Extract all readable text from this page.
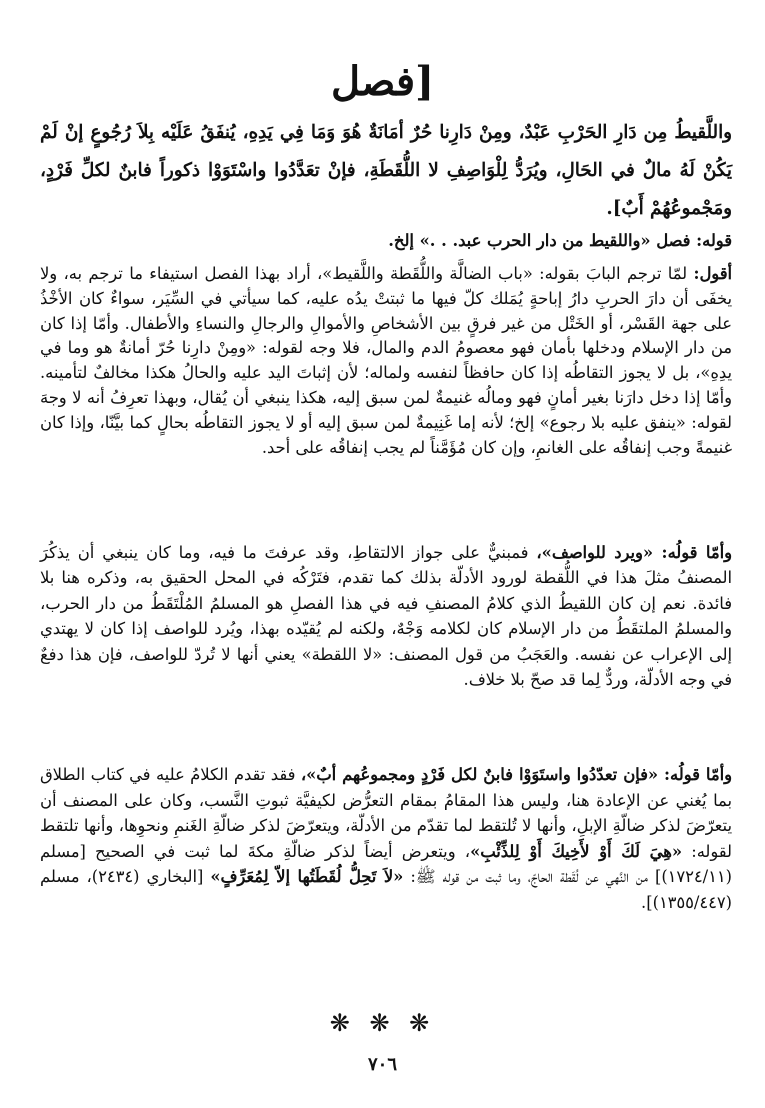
[فصل

واللَّقيطُ مِن دَارِ الحَرْبِ عَبْدٌ، ومِنْ دَارِنا حُرٌ أمَانَةٌ هُوَ وَمَا فِي يَدِهِ، يُنفَقُ عَلَيْه بِلاَ رُجُوعٍ إنْ لَمْ يَكُنْ لَهُ مالٌ في الحَالِ، ويُرَدُّ لِلْوَاصِفِ لا اللُّقَطَةِ، فإنْ تعَدَّدُوا واسْتَوَوْا ذكوراً فابنٌ لكلِّ فَرْدٍ، ومَجْموعُهُمْ أَبٌ].

قوله: فصل «واللقيط من دار الحرب عبد. . .» إلخ.

أقول: لمّا ترجم البابَ بقوله: «باب الضالَّة واللُّقَطة واللَّقيط»، أراد بهذا الفصل استيفاء ما ترجم به، ولا يخفَى أن دارَ الحربِ دارُ إباحةٍ يُمَلك كلّ فيها ما ثبتتْ يدُه عليه، كما سيأتي في السِّيَر، سواءٌ كان الأخْذُ على جهة القَسْر، أو الخَتْل من غير فرقٍ بين الأشخاصِ والأموالِ والرجالِ والنساءِ والأطفال. وأمّا إذا كان من دار الإسلام ودخلها بأمان فهو معصومُ الدم والمال، فلا وجه لقوله: «ومِنْ دارِنا حُرّ أمانةٌ هو وما في يدِهِ»، بل لا يجوز التقاطُه إذا كان حافظاً لنفسه ولماله؛ لأن إثباتَ اليد عليه والحالُ هكذا مخالفٌ لتأمينه. وأمّا إذا دخل دارَنا بغير أمانٍ فهو ومالُه غنيمةٌ لمن سبق إليه، هكذا ينبغي أن يُقال، وبهذا تعرِفُ أنه لا وجهَ لقوله: «ينفق عليه بلا رجوع» إلخ؛ لأنه إما غَنِيمةٌ لمن سبق إليه أو لا يجوز التقاطُه بحالٍ كما بيَّنّا، وإذا كان غنيمةً وجب إنفاقُه على الغانمِ، وإن كان مُؤَمَّناً لم يجب إنفاقُه على أحد.

وأمّا قولُه: «ويرد للواصف»، فمبنيٌّ على جواز الالتقاطِ، وقد عرفتَ ما فيه، وما كان ينبغي أن يذكُرَ المصنفُ مثلَ هذا في اللُّقطة لورود الأدلّة بذلك كما تقدم، فتَرْكُه في المحل الحقيق به، وذكره هنا بلا فائدة. نعم إن كان اللقيطُ الذي كلامُ المصنفِ فيه في هذا الفصلِ هو المسلمُ المُلْتَقَطُ من دار الحرب، والمسلمُ الملتقَطُ من دار الإسلام كان لكلامه وَجْهٌ، ولكنه لم يُقيّده بهذا، ويُرد للواصف إذا كان لا يهتدي إلى الإعراب عن نفسه. والعَجَبُ من قول المصنف: «لا اللقطة» يعني أنها لا تُردّ للواصف، فإن هذا دفعٌ في وجه الأدلّة، وردٌّ لِما قد صحّ بلا خلاف.

وأمّا قولُه: «فإن تعدّدُوا واستَوَوْا فابنٌ لكل فَرْدٍ ومجموعُهم أبٌ»، فقد تقدم الكلامُ عليه في كتاب الطلاق بما يُغني عن الإعادة هنا، وليس هذا المقامُ بمقام التعرُّض لكيفيَّة ثبوتِ النَّسب، وكان على المصنف أن يتعرّضَ لذكر ضالّةِ الإبلِ، وأنها لا تُلتقط لما تقدّم من الأدلّة، ويتعرّضَ لذكر ضالّةِ الغَنمِ ونحوِها، وأنها تلتقط لقوله: «هِيَ لَكَ أَوْ لأَخِيكَ أَوْ لِلذِّئْبِ»، ويتعرض أيضاً لذكر ضالّةِ مكةَ لما ثبت في الصحيح [مسلم (١٧٢٤/١١)] من النَّهي عن لُقَطة الحاجّ، وما ثبت من قوله ﷺ: «لاَ تَحِلُّ لُقَطَتُها إلاّ لِمُعَرِّفٍ» [البخاري (٢٤٣٤)، مسلم (١٣٥٥/٤٤٧)].

❋ ❋ ❋
٧٠٦
